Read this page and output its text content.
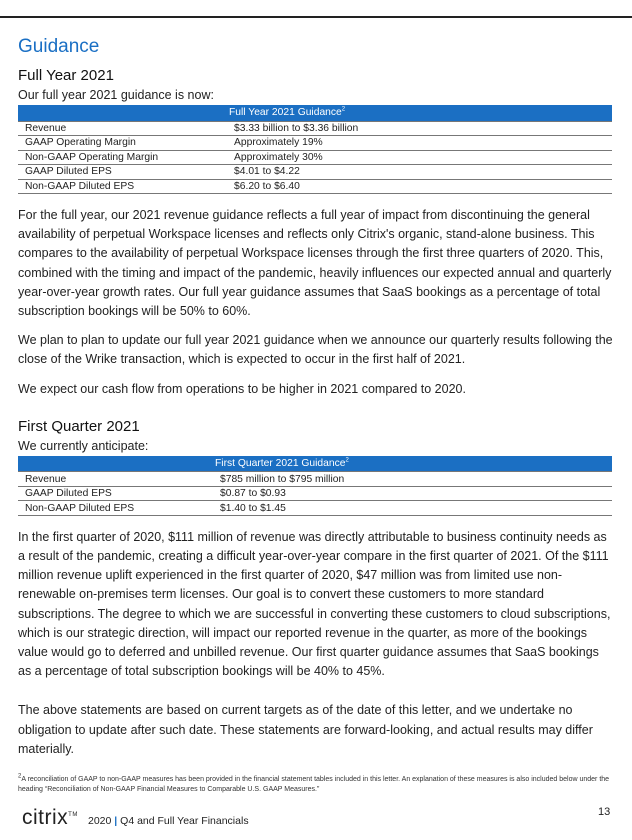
Guidance
Full Year 2021
Our full year 2021 guidance is now:
	Full Year 2021 Guidance$^2$
Revenue	$3.33 billion to $3.36 billion
GAAP Operating Margin	Approximately 19%
Non-GAAP Operating Margin	Approximately 30%
GAAP Diluted EPS	$4.01 to $4.22
Non-GAAP Diluted EPS	$6.20 to $6.40

For the full year, our 2021 revenue guidance reflects a full year of impact from discontinuing the general availability of perpetual Workspace licenses and reflects only Citrix's organic, stand-alone business. This compares to the availability of perpetual Workspace licenses through the first three quarters of 2020. This, combined with the timing and impact of the pandemic, heavily influences our expected annual and quarterly year-over-year growth rates. Our full year guidance assumes that SaaS bookings as a percentage of total subscription bookings will be 50% to 60%.

We plan to plan to update our full year 2021 guidance when we announce our quarterly results following the close of the Wrike transaction, which is expected to occur in the first half of 2021.

We expect our cash flow from operations to be higher in 2021 compared to 2020.

First Quarter 2021
We currently anticipate:
	First Quarter 2021 Guidance$^2$
Revenue	$785 million to $795 million
GAAP Diluted EPS	$0.87 to $0.93
Non-GAAP Diluted EPS	$1.40 to $1.45

In the first quarter of 2020, $111 million of revenue was directly attributable to business continuity needs as a result of the pandemic, creating a difficult year-over-year compare in the first quarter of 2021. Of the $111 million revenue uplift experienced in the first quarter of 2020, $47 million was from limited use non-renewable on-premises term licenses. Our goal is to convert these customers to more standard subscriptions. The degree to which we are successful in converting these customers to cloud subscriptions, which is our strategic direction, will impact our reported revenue in the quarter, as more of the bookings value would go to deferred and unbilled revenue. Our first quarter guidance assumes that SaaS bookings as a percentage of total subscription bookings will be 40% to 45%.

The above statements are based on current targets as of the date of this letter, and we undertake no obligation to update after such date. These statements are forward-looking, and actual results may differ materially.

$^2$A reconciliation of GAAP to non-GAAP measures has been provided in the financial statement tables included in this letter. An explanation of these measures is also included below under the heading “Reconciliation of Non-GAAP Financial Measures to Comparable U.S. GAAP Measures.”
citrix™ 2020 | Q4 and Full Year Financials
13
